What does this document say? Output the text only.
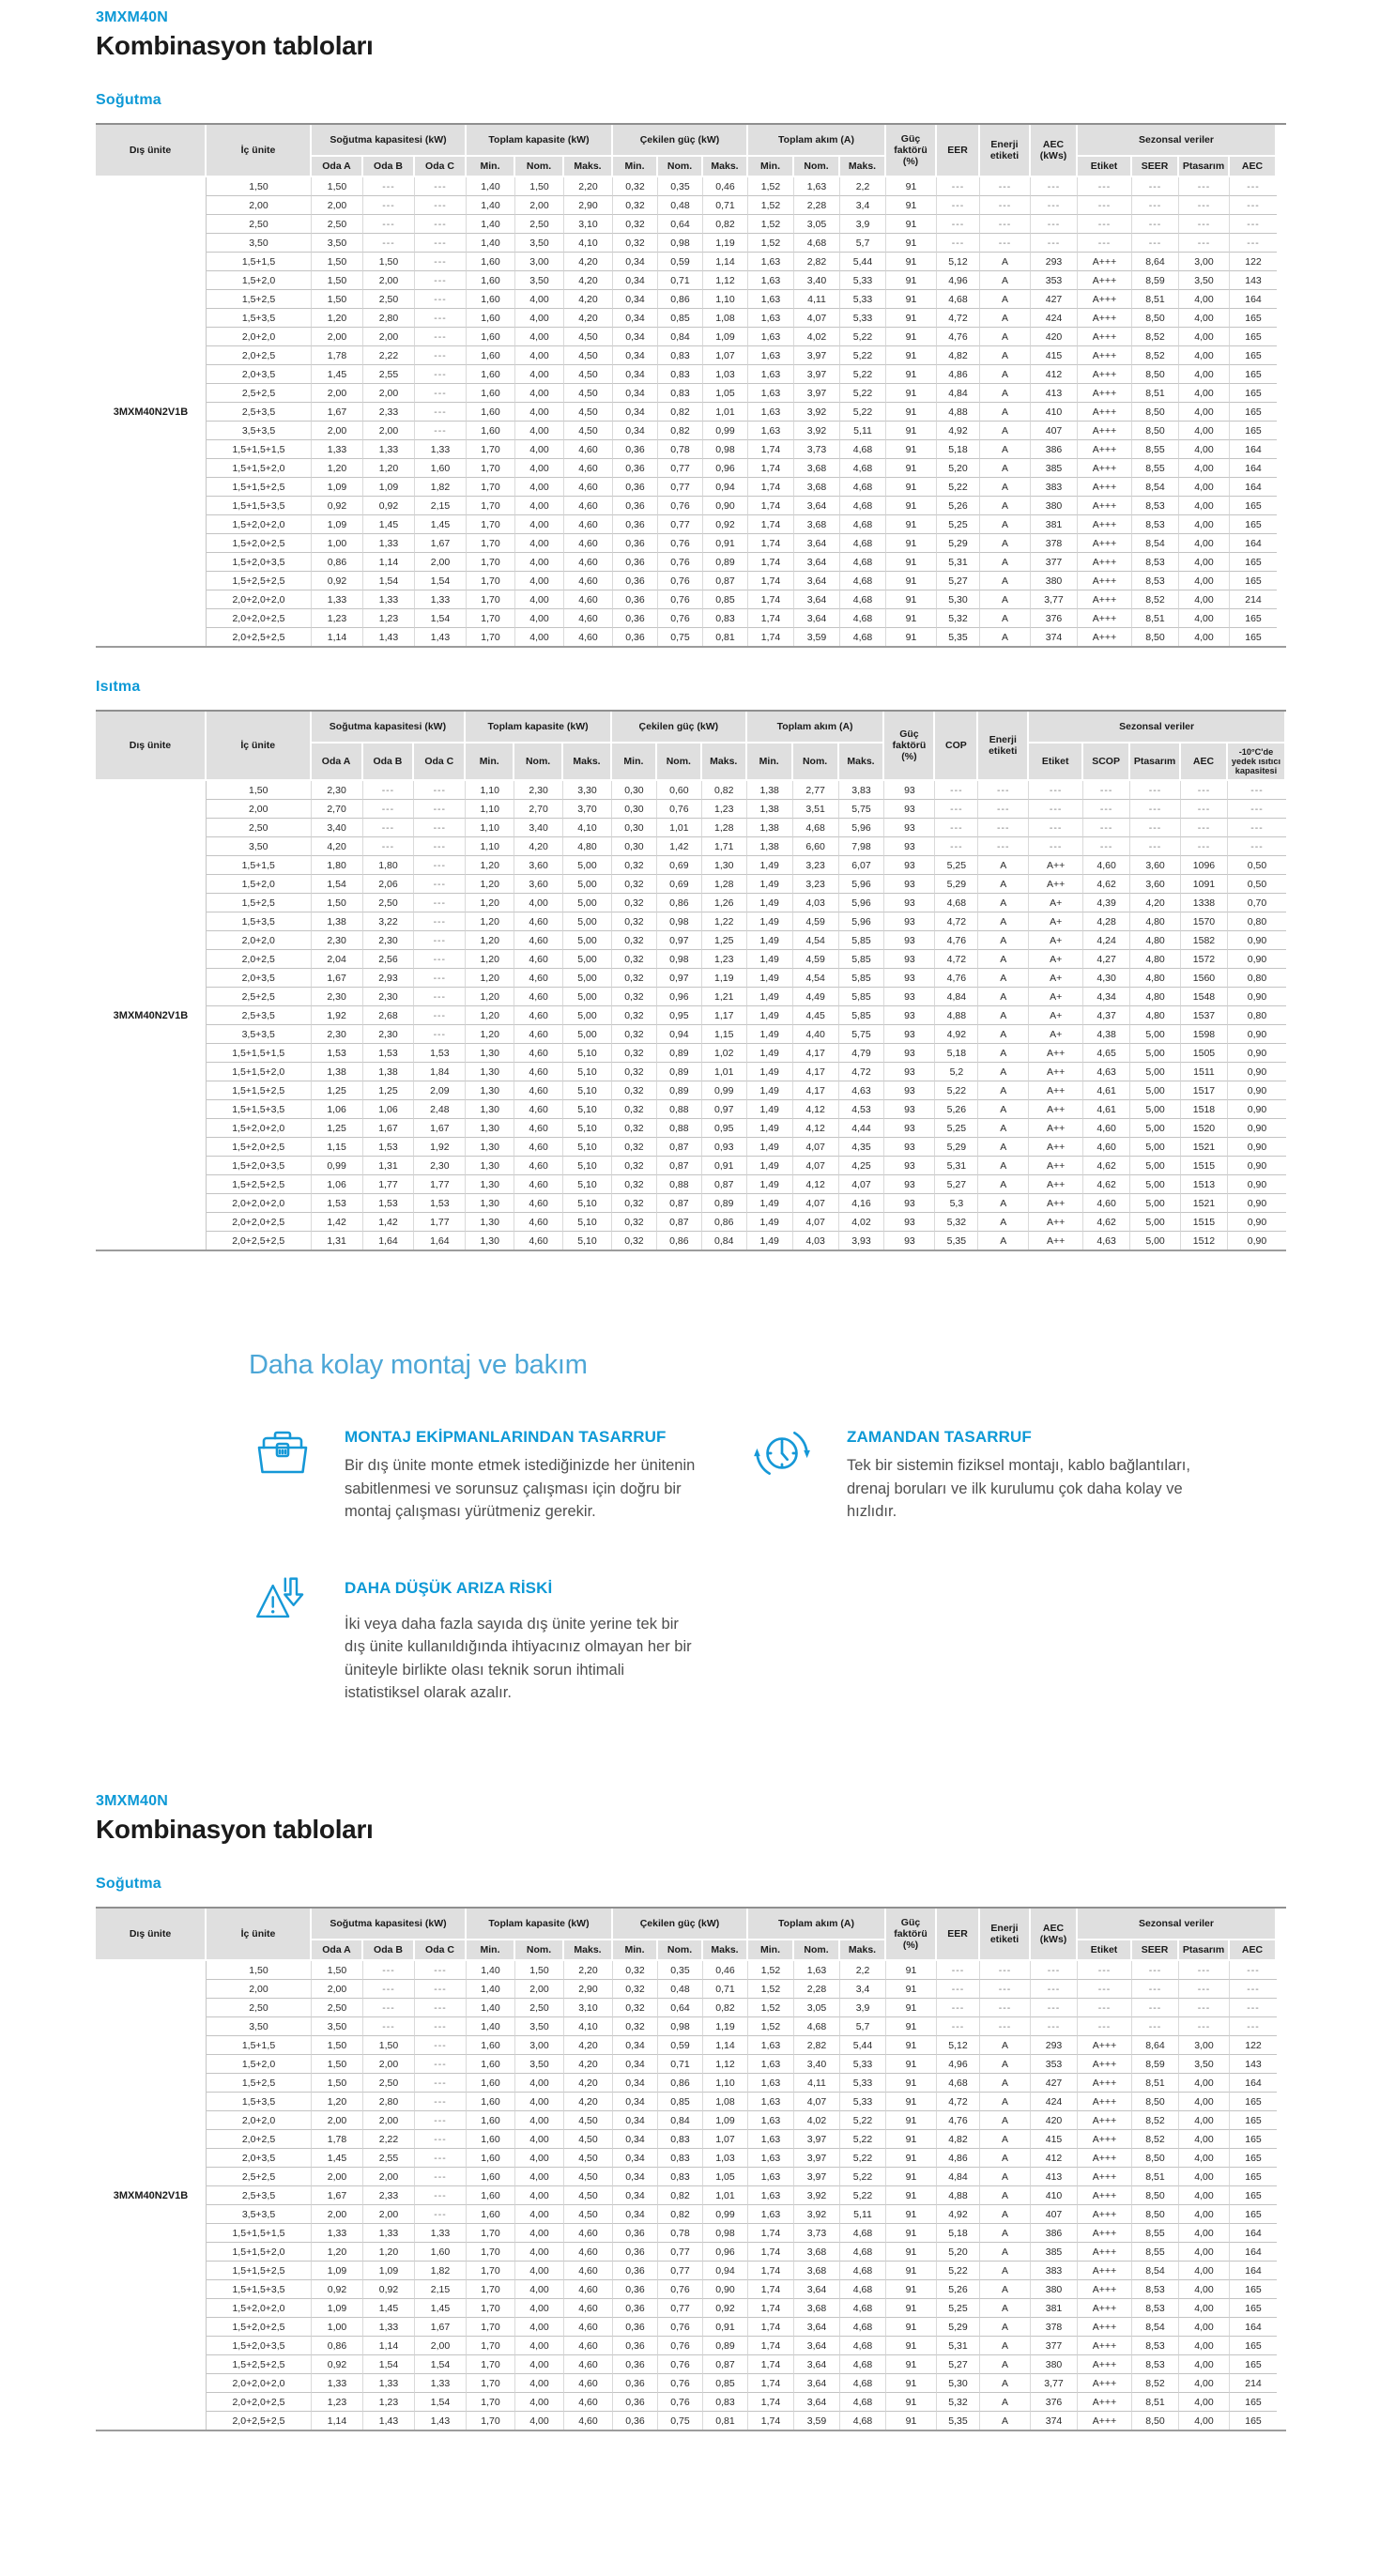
3MXM40N
Kombinasyon tabloları
Soğutma
Dış ünite	İç ünite	Soğutma kapasitesi (kW)			Toplam kapasite (kW)			Çekilen güç (kW)			Toplam akım (A)			Güç faktörü (%)	EER	Enerji etiketi	AEC (kWs)	Sezonsal veriler			
		Oda A	Oda B	Oda C	Min.	Nom.	Maks.	Min.	Nom.	Maks.	Min.	Nom.	Maks.					Etiket	SEER	Ptasarım	AEC
3MXM40N2V1B	1,50	1,50	---	---	1,40	1,50	2,20	0,32	0,35	0,46	1,52	1,63	2,2	91	---	---	---	---	---	---	---
	2,00	2,00	---	---	1,40	2,00	2,90	0,32	0,48	0,71	1,52	2,28	3,4	91	---	---	---	---	---	---	---
	2,50	2,50	---	---	1,40	2,50	3,10	0,32	0,64	0,82	1,52	3,05	3,9	91	---	---	---	---	---	---	---
	3,50	3,50	---	---	1,40	3,50	4,10	0,32	0,98	1,19	1,52	4,68	5,7	91	---	---	---	---	---	---	---
	1,5+1,5	1,50	1,50	---	1,60	3,00	4,20	0,34	0,59	1,14	1,63	2,82	5,44	91	5,12	A	293	A+++	8,64	3,00	122
	1,5+2,0	1,50	2,00	---	1,60	3,50	4,20	0,34	0,71	1,12	1,63	3,40	5,33	91	4,96	A	353	A+++	8,59	3,50	143
	1,5+2,5	1,50	2,50	---	1,60	4,00	4,20	0,34	0,86	1,10	1,63	4,11	5,33	91	4,68	A	427	A+++	8,51	4,00	164
	1,5+3,5	1,20	2,80	---	1,60	4,00	4,20	0,34	0,85	1,08	1,63	4,07	5,33	91	4,72	A	424	A+++	8,50	4,00	165
	2,0+2,0	2,00	2,00	---	1,60	4,00	4,50	0,34	0,84	1,09	1,63	4,02	5,22	91	4,76	A	420	A+++	8,52	4,00	165
	2,0+2,5	1,78	2,22	---	1,60	4,00	4,50	0,34	0,83	1,07	1,63	3,97	5,22	91	4,82	A	415	A+++	8,52	4,00	165
	2,0+3,5	1,45	2,55	---	1,60	4,00	4,50	0,34	0,83	1,03	1,63	3,97	5,22	91	4,86	A	412	A+++	8,50	4,00	165
	2,5+2,5	2,00	2,00	---	1,60	4,00	4,50	0,34	0,83	1,05	1,63	3,97	5,22	91	4,84	A	413	A+++	8,51	4,00	165
	2,5+3,5	1,67	2,33	---	1,60	4,00	4,50	0,34	0,82	1,01	1,63	3,92	5,22	91	4,88	A	410	A+++	8,50	4,00	165
	3,5+3,5	2,00	2,00	---	1,60	4,00	4,50	0,34	0,82	0,99	1,63	3,92	5,11	91	4,92	A	407	A+++	8,50	4,00	165
	1,5+1,5+1,5	1,33	1,33	1,33	1,70	4,00	4,60	0,36	0,78	0,98	1,74	3,73	4,68	91	5,18	A	386	A+++	8,55	4,00	164
	1,5+1,5+2,0	1,20	1,20	1,60	1,70	4,00	4,60	0,36	0,77	0,96	1,74	3,68	4,68	91	5,20	A	385	A+++	8,55	4,00	164
	1,5+1,5+2,5	1,09	1,09	1,82	1,70	4,00	4,60	0,36	0,77	0,94	1,74	3,68	4,68	91	5,22	A	383	A+++	8,54	4,00	164
	1,5+1,5+3,5	0,92	0,92	2,15	1,70	4,00	4,60	0,36	0,76	0,90	1,74	3,64	4,68	91	5,26	A	380	A+++	8,53	4,00	165
	1,5+2,0+2,0	1,09	1,45	1,45	1,70	4,00	4,60	0,36	0,77	0,92	1,74	3,68	4,68	91	5,25	A	381	A+++	8,53	4,00	165
	1,5+2,0+2,5	1,00	1,33	1,67	1,70	4,00	4,60	0,36	0,76	0,91	1,74	3,64	4,68	91	5,29	A	378	A+++	8,54	4,00	164
	1,5+2,0+3,5	0,86	1,14	2,00	1,70	4,00	4,60	0,36	0,76	0,89	1,74	3,64	4,68	91	5,31	A	377	A+++	8,53	4,00	165
	1,5+2,5+2,5	0,92	1,54	1,54	1,70	4,00	4,60	0,36	0,76	0,87	1,74	3,64	4,68	91	5,27	A	380	A+++	8,53	4,00	165
	2,0+2,0+2,0	1,33	1,33	1,33	1,70	4,00	4,60	0,36	0,76	0,85	1,74	3,64	4,68	91	5,30	A	3,77	A+++	8,52	4,00	214
	2,0+2,0+2,5	1,23	1,23	1,54	1,70	4,00	4,60	0,36	0,76	0,83	1,74	3,64	4,68	91	5,32	A	376	A+++	8,51	4,00	165
	2,0+2,5+2,5	1,14	1,43	1,43	1,70	4,00	4,60	0,36	0,75	0,81	1,74	3,59	4,68	91	5,35	A	374	A+++	8,50	4,00	165
Isıtma
Dış ünite	İç ünite	Soğutma kapasitesi (kW)			Toplam kapasite (kW)			Çekilen güç (kW)			Toplam akım (A)			Güç faktörü (%)	COP	Enerji etiketi	Sezonsal veriler				
		Oda A	Oda B	Oda C	Min.	Nom.	Maks.	Min.	Nom.	Maks.	Min.	Nom.	Maks.				Etiket	SCOP	Ptasarım	AEC	-10°C'de yedek ısıtıcı kapasitesi
3MXM40N2V1B	1,50	2,30	---	---	1,10	2,30	3,30	0,30	0,60	0,82	1,38	2,77	3,83	93	---	---	---	---	---	---	---
	2,00	2,70	---	---	1,10	2,70	3,70	0,30	0,76	1,23	1,38	3,51	5,75	93	---	---	---	---	---	---	---
	2,50	3,40	---	---	1,10	3,40	4,10	0,30	1,01	1,28	1,38	4,68	5,96	93	---	---	---	---	---	---	---
	3,50	4,20	---	---	1,10	4,20	4,80	0,30	1,42	1,71	1,38	6,60	7,98	93	---	---	---	---	---	---	---
	1,5+1,5	1,80	1,80	---	1,20	3,60	5,00	0,32	0,69	1,30	1,49	3,23	6,07	93	5,25	A	A++	4,60	3,60	1096	0,50
	1,5+2,0	1,54	2,06	---	1,20	3,60	5,00	0,32	0,69	1,28	1,49	3,23	5,96	93	5,29	A	A++	4,62	3,60	1091	0,50
	1,5+2,5	1,50	2,50	---	1,20	4,00	5,00	0,32	0,86	1,26	1,49	4,03	5,96	93	4,68	A	A+	4,39	4,20	1338	0,70
	1,5+3,5	1,38	3,22	---	1,20	4,60	5,00	0,32	0,98	1,22	1,49	4,59	5,96	93	4,72	A	A+	4,28	4,80	1570	0,80
	2,0+2,0	2,30	2,30	---	1,20	4,60	5,00	0,32	0,97	1,25	1,49	4,54	5,85	93	4,76	A	A+	4,24	4,80	1582	0,90
	2,0+2,5	2,04	2,56	---	1,20	4,60	5,00	0,32	0,98	1,23	1,49	4,59	5,85	93	4,72	A	A+	4,27	4,80	1572	0,90
	2,0+3,5	1,67	2,93	---	1,20	4,60	5,00	0,32	0,97	1,19	1,49	4,54	5,85	93	4,76	A	A+	4,30	4,80	1560	0,80
	2,5+2,5	2,30	2,30	---	1,20	4,60	5,00	0,32	0,96	1,21	1,49	4,49	5,85	93	4,84	A	A+	4,34	4,80	1548	0,90
	2,5+3,5	1,92	2,68	---	1,20	4,60	5,00	0,32	0,95	1,17	1,49	4,45	5,85	93	4,88	A	A+	4,37	4,80	1537	0,80
	3,5+3,5	2,30	2,30	---	1,20	4,60	5,00	0,32	0,94	1,15	1,49	4,40	5,75	93	4,92	A	A+	4,38	5,00	1598	0,90
	1,5+1,5+1,5	1,53	1,53	1,53	1,30	4,60	5,10	0,32	0,89	1,02	1,49	4,17	4,79	93	5,18	A	A++	4,65	5,00	1505	0,90
	1,5+1,5+2,0	1,38	1,38	1,84	1,30	4,60	5,10	0,32	0,89	1,01	1,49	4,17	4,72	93	5,2	A	A++	4,63	5,00	1511	0,90
	1,5+1,5+2,5	1,25	1,25	2,09	1,30	4,60	5,10	0,32	0,89	0,99	1,49	4,17	4,63	93	5,22	A	A++	4,61	5,00	1517	0,90
	1,5+1,5+3,5	1,06	1,06	2,48	1,30	4,60	5,10	0,32	0,88	0,97	1,49	4,12	4,53	93	5,26	A	A++	4,61	5,00	1518	0,90
	1,5+2,0+2,0	1,25	1,67	1,67	1,30	4,60	5,10	0,32	0,88	0,95	1,49	4,12	4,44	93	5,25	A	A++	4,60	5,00	1520	0,90
	1,5+2,0+2,5	1,15	1,53	1,92	1,30	4,60	5,10	0,32	0,87	0,93	1,49	4,07	4,35	93	5,29	A	A++	4,60	5,00	1521	0,90
	1,5+2,0+3,5	0,99	1,31	2,30	1,30	4,60	5,10	0,32	0,87	0,91	1,49	4,07	4,25	93	5,31	A	A++	4,62	5,00	1515	0,90
	1,5+2,5+2,5	1,06	1,77	1,77	1,30	4,60	5,10	0,32	0,88	0,87	1,49	4,12	4,07	93	5,27	A	A++	4,62	5,00	1513	0,90
	2,0+2,0+2,0	1,53	1,53	1,53	1,30	4,60	5,10	0,32	0,87	0,89	1,49	4,07	4,16	93	5,3	A	A++	4,60	5,00	1521	0,90
	2,0+2,0+2,5	1,42	1,42	1,77	1,30	4,60	5,10	0,32	0,87	0,86	1,49	4,07	4,02	93	5,32	A	A++	4,62	5,00	1515	0,90
	2,0+2,5+2,5	1,31	1,64	1,64	1,30	4,60	5,10	0,32	0,86	0,84	1,49	4,03	3,93	93	5,35	A	A++	4,63	5,00	1512	0,90
Daha kolay montaj ve bakım
MONTAJ EKİPMANLARINDAN TASARRUF

Bir dış ünite monte etmek istediğinizde her ünitenin sabitlenmesi ve sorunsuz çalışması için doğru bir montaj çalışması yürütmeniz gerekir.

ZAMANDAN TASARRUF

Tek bir sistemin fiziksel montajı, kablo bağlantıları, drenaj boruları ve ilk kurulumu çok daha kolay ve hızlıdır.

DAHA DÜŞÜK ARIZA RİSKİ

İki veya daha fazla sayıda dış ünite yerine tek bir dış ünite kullanıldığında ihtiyacınız olmayan her bir üniteyle birlikte olası teknik sorun ihtimali istatistiksel olarak azalır.

3MXM40N
Kombinasyon tabloları
Soğutma
Dış ünite	İç ünite	Soğutma kapasitesi (kW)			Toplam kapasite (kW)			Çekilen güç (kW)			Toplam akım (A)			Güç faktörü (%)	EER	Enerji etiketi	AEC (kWs)	Sezonsal veriler			
		Oda A	Oda B	Oda C	Min.	Nom.	Maks.	Min.	Nom.	Maks.	Min.	Nom.	Maks.					Etiket	SEER	Ptasarım	AEC
3MXM40N2V1B	1,50	1,50	---	---	1,40	1,50	2,20	0,32	0,35	0,46	1,52	1,63	2,2	91	---	---	---	---	---	---	---
	2,00	2,00	---	---	1,40	2,00	2,90	0,32	0,48	0,71	1,52	2,28	3,4	91	---	---	---	---	---	---	---
	2,50	2,50	---	---	1,40	2,50	3,10	0,32	0,64	0,82	1,52	3,05	3,9	91	---	---	---	---	---	---	---
	3,50	3,50	---	---	1,40	3,50	4,10	0,32	0,98	1,19	1,52	4,68	5,7	91	---	---	---	---	---	---	---
	1,5+1,5	1,50	1,50	---	1,60	3,00	4,20	0,34	0,59	1,14	1,63	2,82	5,44	91	5,12	A	293	A+++	8,64	3,00	122
	1,5+2,0	1,50	2,00	---	1,60	3,50	4,20	0,34	0,71	1,12	1,63	3,40	5,33	91	4,96	A	353	A+++	8,59	3,50	143
	1,5+2,5	1,50	2,50	---	1,60	4,00	4,20	0,34	0,86	1,10	1,63	4,11	5,33	91	4,68	A	427	A+++	8,51	4,00	164
	1,5+3,5	1,20	2,80	---	1,60	4,00	4,20	0,34	0,85	1,08	1,63	4,07	5,33	91	4,72	A	424	A+++	8,50	4,00	165
	2,0+2,0	2,00	2,00	---	1,60	4,00	4,50	0,34	0,84	1,09	1,63	4,02	5,22	91	4,76	A	420	A+++	8,52	4,00	165
	2,0+2,5	1,78	2,22	---	1,60	4,00	4,50	0,34	0,83	1,07	1,63	3,97	5,22	91	4,82	A	415	A+++	8,52	4,00	165
	2,0+3,5	1,45	2,55	---	1,60	4,00	4,50	0,34	0,83	1,03	1,63	3,97	5,22	91	4,86	A	412	A+++	8,50	4,00	165
	2,5+2,5	2,00	2,00	---	1,60	4,00	4,50	0,34	0,83	1,05	1,63	3,97	5,22	91	4,84	A	413	A+++	8,51	4,00	165
	2,5+3,5	1,67	2,33	---	1,60	4,00	4,50	0,34	0,82	1,01	1,63	3,92	5,22	91	4,88	A	410	A+++	8,50	4,00	165
	3,5+3,5	2,00	2,00	---	1,60	4,00	4,50	0,34	0,82	0,99	1,63	3,92	5,11	91	4,92	A	407	A+++	8,50	4,00	165
	1,5+1,5+1,5	1,33	1,33	1,33	1,70	4,00	4,60	0,36	0,78	0,98	1,74	3,73	4,68	91	5,18	A	386	A+++	8,55	4,00	164
	1,5+1,5+2,0	1,20	1,20	1,60	1,70	4,00	4,60	0,36	0,77	0,96	1,74	3,68	4,68	91	5,20	A	385	A+++	8,55	4,00	164
	1,5+1,5+2,5	1,09	1,09	1,82	1,70	4,00	4,60	0,36	0,77	0,94	1,74	3,68	4,68	91	5,22	A	383	A+++	8,54	4,00	164
	1,5+1,5+3,5	0,92	0,92	2,15	1,70	4,00	4,60	0,36	0,76	0,90	1,74	3,64	4,68	91	5,26	A	380	A+++	8,53	4,00	165
	1,5+2,0+2,0	1,09	1,45	1,45	1,70	4,00	4,60	0,36	0,77	0,92	1,74	3,68	4,68	91	5,25	A	381	A+++	8,53	4,00	165
	1,5+2,0+2,5	1,00	1,33	1,67	1,70	4,00	4,60	0,36	0,76	0,91	1,74	3,64	4,68	91	5,29	A	378	A+++	8,54	4,00	164
	1,5+2,0+3,5	0,86	1,14	2,00	1,70	4,00	4,60	0,36	0,76	0,89	1,74	3,64	4,68	91	5,31	A	377	A+++	8,53	4,00	165
	1,5+2,5+2,5	0,92	1,54	1,54	1,70	4,00	4,60	0,36	0,76	0,87	1,74	3,64	4,68	91	5,27	A	380	A+++	8,53	4,00	165
	2,0+2,0+2,0	1,33	1,33	1,33	1,70	4,00	4,60	0,36	0,76	0,85	1,74	3,64	4,68	91	5,30	A	3,77	A+++	8,52	4,00	214
	2,0+2,0+2,5	1,23	1,23	1,54	1,70	4,00	4,60	0,36	0,76	0,83	1,74	3,64	4,68	91	5,32	A	376	A+++	8,51	4,00	165
	2,0+2,5+2,5	1,14	1,43	1,43	1,70	4,00	4,60	0,36	0,75	0,81	1,74	3,59	4,68	91	5,35	A	374	A+++	8,50	4,00	165
